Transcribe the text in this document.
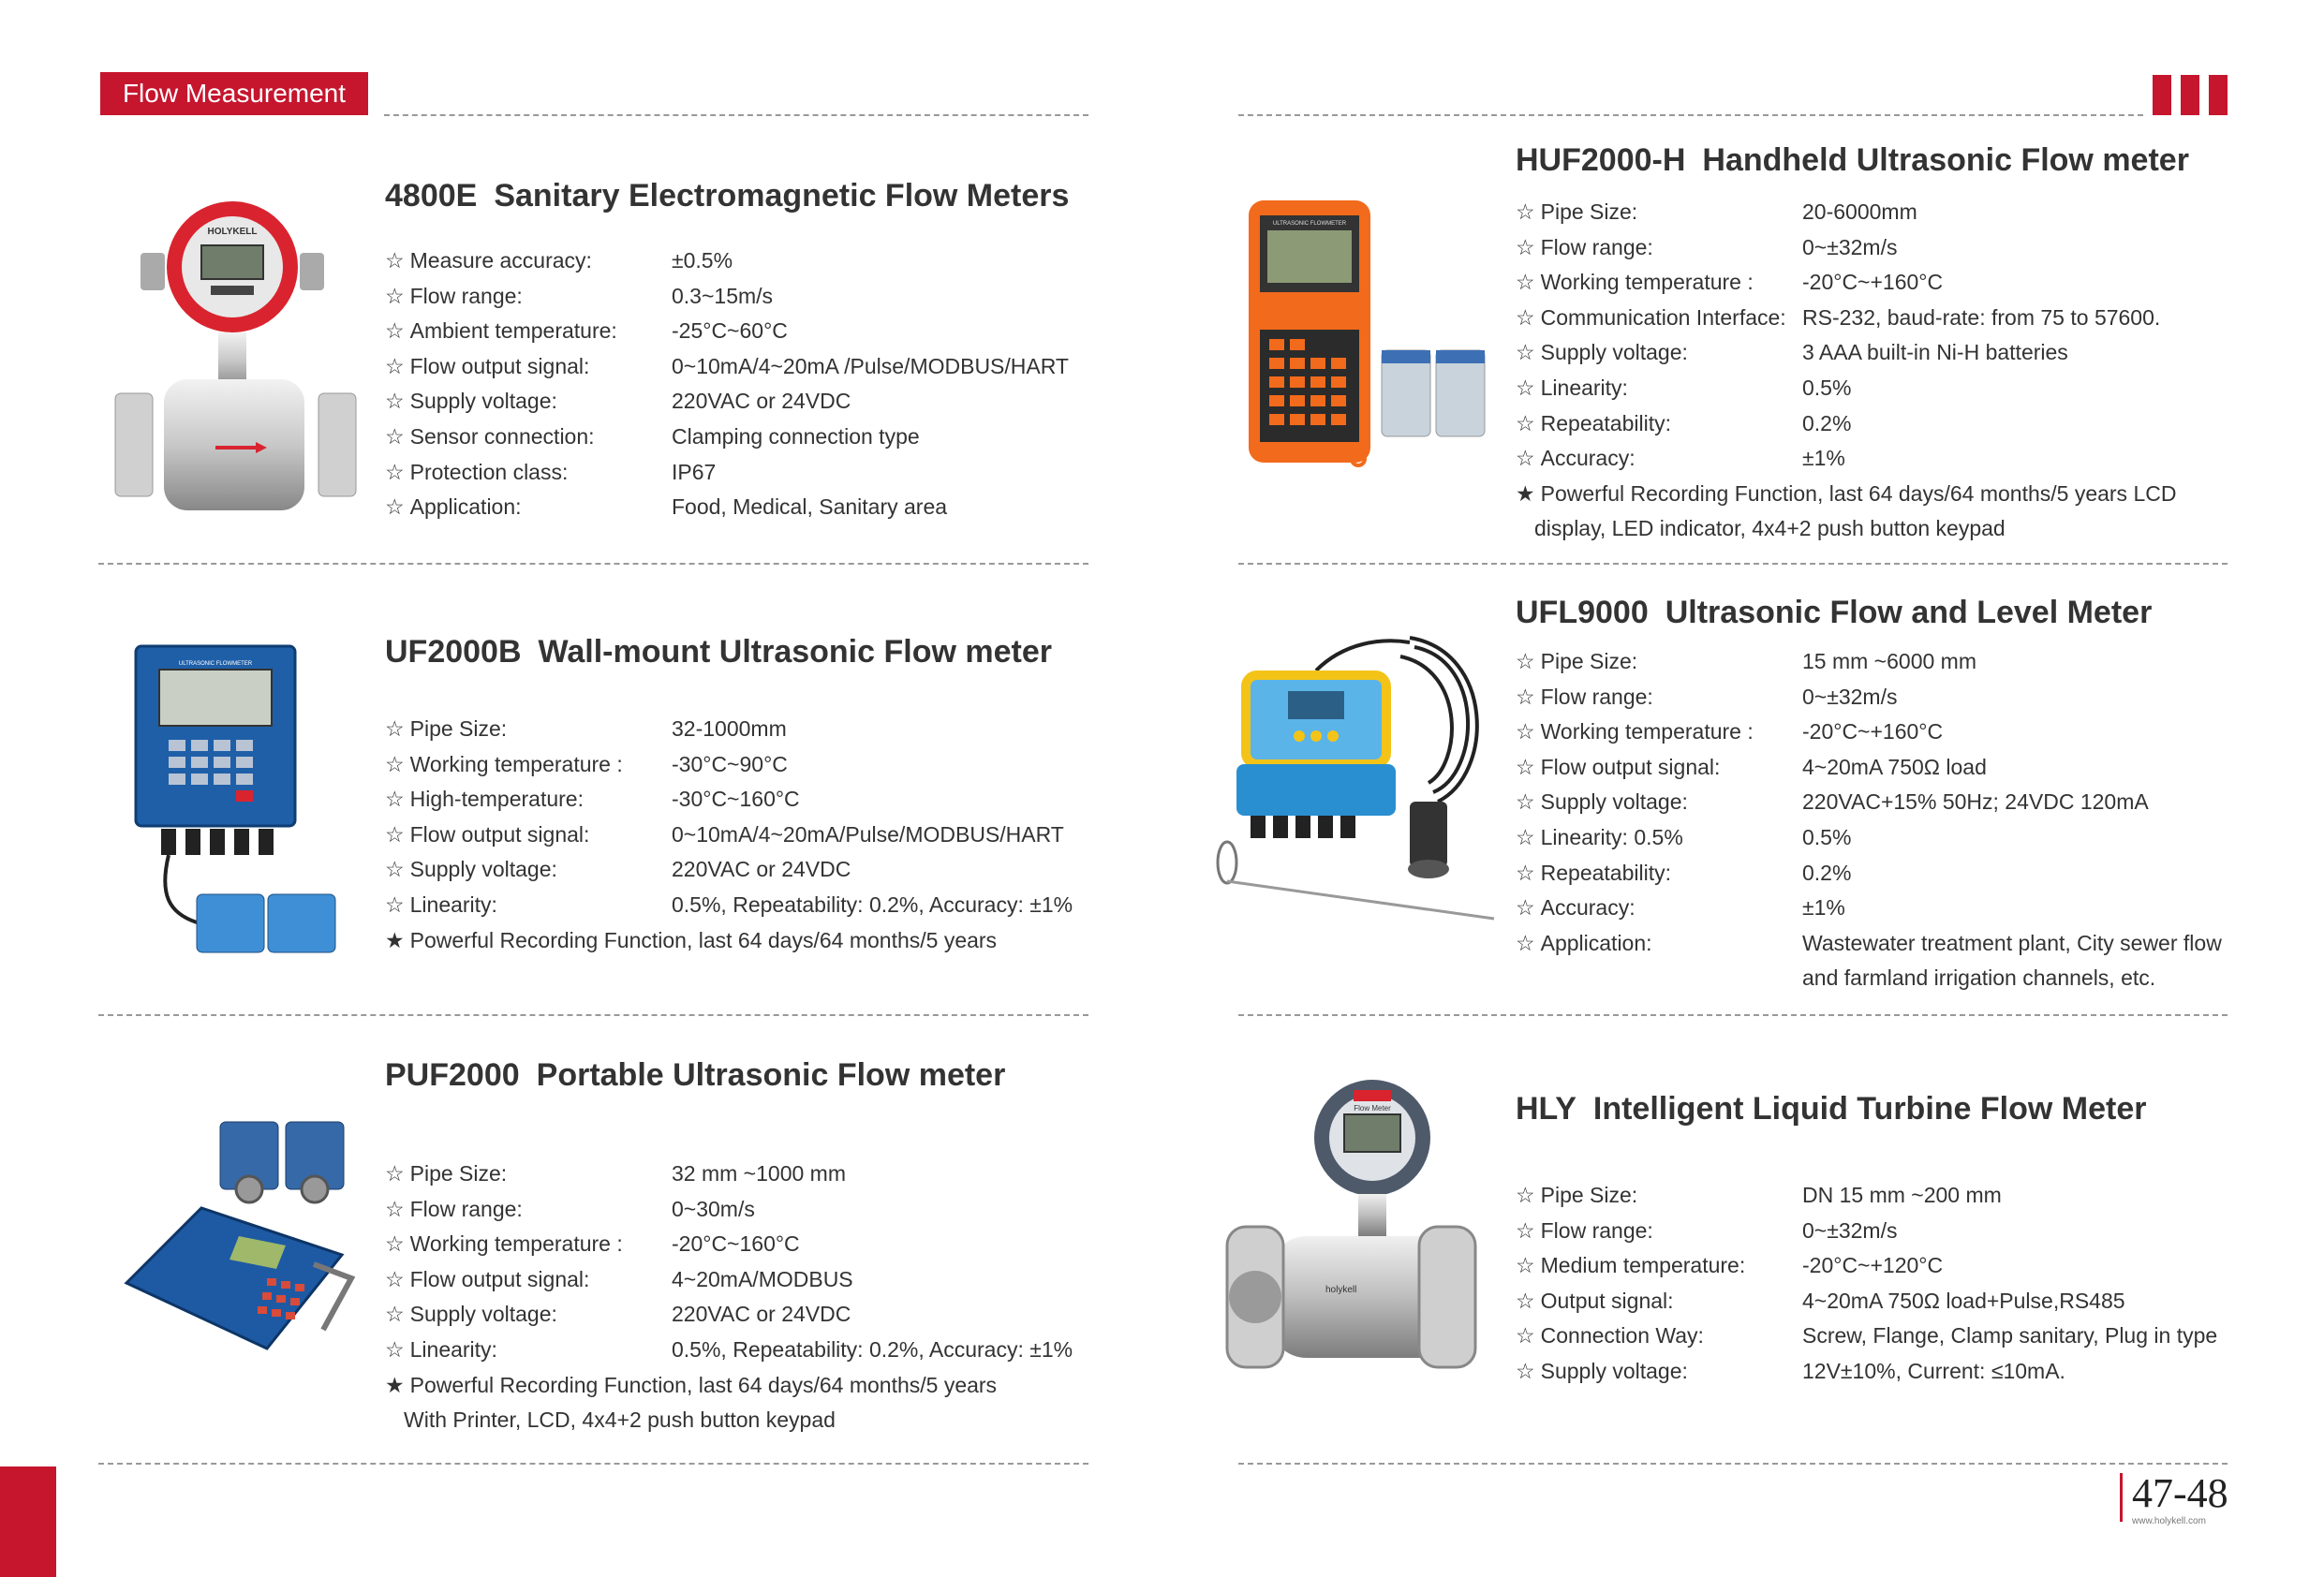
Flow Measurement
HOLYKELL
4800E Sanitary Electromagnetic Flow Meters
☆ Measure accuracy:	±0.5%
☆ Flow range:	0.3~15m/s
☆ Ambient temperature:	-25°C~60°C
☆ Flow output signal:	0~10mA/4~20mA /Pulse/MODBUS/HART
☆ Supply voltage:	220VAC or 24VDC
☆ Sensor connection:	Clamping connection type
☆ Protection class:	IP67
☆ Application:	Food, Medical, Sanitary area
ULTRASONIC FLOWMETER
HUF2000-H Handheld Ultrasonic Flow meter
☆ Pipe Size:	20-6000mm
☆ Flow range:	0~±32m/s
☆ Working temperature :	-20°C~+160°C
☆ Communication Interface: RS-232, baud-rate: from 75 to 57600.
☆ Supply voltage:	3 AAA built-in Ni-H batteries
☆ Linearity:	0.5%
☆ Repeatability:	0.2%
☆ Accuracy:	±1%
★ Powerful Recording Function, last 64 days/64 months/5 years LCD
display, LED indicator, 4x4+2 push button keypad
ULTRASONIC FLOWMETER	UF2000B Wall-mount Ultrasonic Flow meter
☆ Pipe Size:	32-1000mm
☆ Working temperature :	-30°C~90°C
☆ High-temperature:	-30°C~160°C
☆ Flow output signal:	0~10mA/4~20mA/Pulse/MODBUS/HART
☆ Supply voltage:	220VAC or 24VDC
☆ Linearity:	0.5%, Repeatability: 0.2%, Accuracy: ±1%
★ Powerful Recording Function, last 64 days/64 months/5 years
UFL9000 Ultrasonic Flow and Level Meter
☆ Pipe Size:	15 mm ~6000 mm
☆ Flow range:	0~±32m/s
☆ Working temperature :	-20°C~+160°C
☆ Flow output signal:	4~20mA 750Ω load
☆ Supply voltage:	220VAC+15% 50Hz; 24VDC 120mA
☆ Linearity: 0.5%	0.5%
☆ Repeatability:	0.2%
☆ Accuracy:	±1%
☆ Application:	Wastewater treatment plant, City sewer flow
and farmland irrigation channels, etc.
PUF2000 Portable Ultrasonic Flow meter
☆ Pipe Size:	32 mm ~1000 mm
☆ Flow range:	0~30m/s
☆ Working temperature :	-20°C~160°C
☆ Flow output signal:	4~20mA/MODBUS
☆ Supply voltage:	220VAC or 24VDC
☆ Linearity:	0.5%, Repeatability: 0.2%, Accuracy: ±1%
★ Powerful Recording Function, last 64 days/64 months/5 years
With Printer, LCD, 4x4+2 push button keypad
Flow Meter
holykell
HLY Intelligent Liquid Turbine Flow Meter
☆ Pipe Size:	DN 15 mm ~200 mm
☆ Flow range:	0~±32m/s
☆ Medium temperature:	-20°C~+120°C
☆ Output signal:	4~20mA 750Ω load+Pulse,RS485
☆ Connection Way:	Screw, Flange, Clamp sanitary, Plug in type
☆ Supply voltage:	12V±10%, Current: ≤10mA.
47-48
www.holykell.com
